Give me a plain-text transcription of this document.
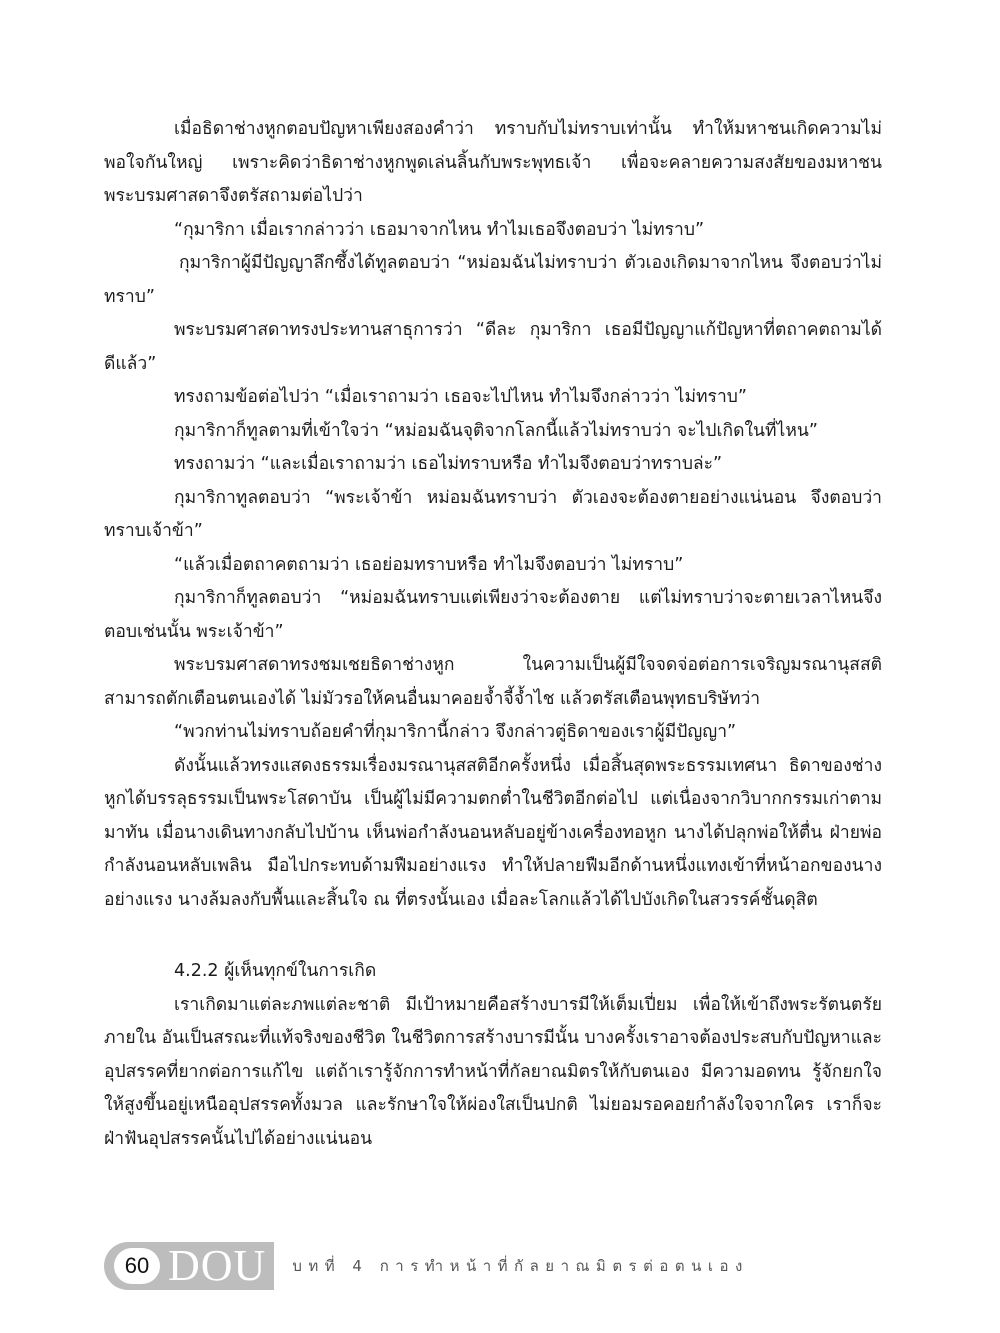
เมื่อธิดาช่างหูกตอบปัญหาเพียงสองคำว่า ทราบกับไม่ทราบเท่านั้น ทำให้มหาชนเกิดความไม่พอใจกันใหญ่ เพราะคิดว่าธิดาช่างหูกพูดเล่นลิ้นกับพระพุทธเจ้า เพื่อจะคลายความสงสัยของมหาชนพระบรมศาสดาจึงตรัสถามต่อไปว่า

“กุมาริกา เมื่อเรากล่าวว่า เธอมาจากไหน ทำไมเธอจึงตอบว่า ไม่ทราบ”

กุมาริกาผู้มีปัญญาลึกซึ้งได้ทูลตอบว่า “หม่อมฉันไม่ทราบว่า ตัวเองเกิดมาจากไหน จึงตอบว่าไม่ทราบ”

พระบรมศาสดาทรงประทานสาธุการว่า “ดีละ กุมาริกา เธอมีปัญญาแก้ปัญหาที่ตถาคตถามได้ดีแล้ว”

ทรงถามข้อต่อไปว่า “เมื่อเราถามว่า เธอจะไปไหน ทำไมจึงกล่าวว่า ไม่ทราบ”

กุมาริกาก็ทูลตามที่เข้าใจว่า “หม่อมฉันจุติจากโลกนี้แล้วไม่ทราบว่า จะไปเกิดในที่ไหน”

ทรงถามว่า “และเมื่อเราถามว่า เธอไม่ทราบหรือ ทำไมจึงตอบว่าทราบล่ะ”

กุมาริกาทูลตอบว่า “พระเจ้าข้า หม่อมฉันทราบว่า ตัวเองจะต้องตายอย่างแน่นอน จึงตอบว่าทราบเจ้าข้า”

“แล้วเมื่อตถาคตถามว่า เธอย่อมทราบหรือ ทำไมจึงตอบว่า ไม่ทราบ”

กุมาริกาก็ทูลตอบว่า “หม่อมฉันทราบแต่เพียงว่าจะต้องตาย แต่ไม่ทราบว่าจะตายเวลาไหนจึงตอบเช่นนั้น พระเจ้าข้า”

พระบรมศาสดาทรงชมเชยธิดาช่างหูก ในความเป็นผู้มีใจจดจ่อต่อการเจริญมรณานุสสติ สามารถตักเตือนตนเองได้ ไม่มัวรอให้คนอื่นมาคอยจ้ำจี้จ้ำไช แล้วตรัสเตือนพุทธบริษัทว่า

“พวกท่านไม่ทราบถ้อยคำที่กุมาริกานี้กล่าว จึงกล่าวตู่ธิดาของเราผู้มีปัญญา”

ดังนั้นแล้วทรงแสดงธรรมเรื่องมรณานุสสติอีกครั้งหนึ่ง เมื่อสิ้นสุดพระธรรมเทศนา ธิดาของช่างหูกได้บรรลุธรรมเป็นพระโสดาบัน เป็นผู้ไม่มีความตกต่ำในชีวิตอีกต่อไป แต่เนื่องจากวิบากกรรมเก่าตามมาทัน เมื่อนางเดินทางกลับไปบ้าน เห็นพ่อกำลังนอนหลับอยู่ข้างเครื่องทอหูก นางได้ปลุกพ่อให้ตื่น ฝ่ายพ่อกำลังนอนหลับเพลิน มือไปกระทบด้ามฟืมอย่างแรง ทำให้ปลายฟืมอีกด้านหนึ่งแทงเข้าที่หน้าอกของนางอย่างแรง นางล้มลงกับพื้นและสิ้นใจ ณ ที่ตรงนั้นเอง เมื่อละโลกแล้วได้ไปบังเกิดในสวรรค์ชั้นดุสิต

4.2.2 ผู้เห็นทุกข์ในการเกิด

เราเกิดมาแต่ละภพแต่ละชาติ มีเป้าหมายคือสร้างบารมีให้เต็มเปี่ยม เพื่อให้เข้าถึงพระรัตนตรัยภายใน อันเป็นสรณะที่แท้จริงของชีวิต ในชีวิตการสร้างบารมีนั้น บางครั้งเราอาจต้องประสบกับปัญหาและอุปสรรคที่ยากต่อการแก้ไข แต่ถ้าเรารู้จักการทำหน้าที่กัลยาณมิตรให้กับตนเอง มีความอดทน รู้จักยกใจให้สูงขึ้นอยู่เหนืออุปสรรคทั้งมวล และรักษาใจให้ผ่องใสเป็นปกติ ไม่ยอมรอคอยกำลังใจจากใคร เราก็จะฝ่าฟันอุปสรรคนั้นไปได้อย่างแน่นอน

60 DOU บทที่ 4 การทำหน้าที่กัลยาณมิตรต่อตนเอง
